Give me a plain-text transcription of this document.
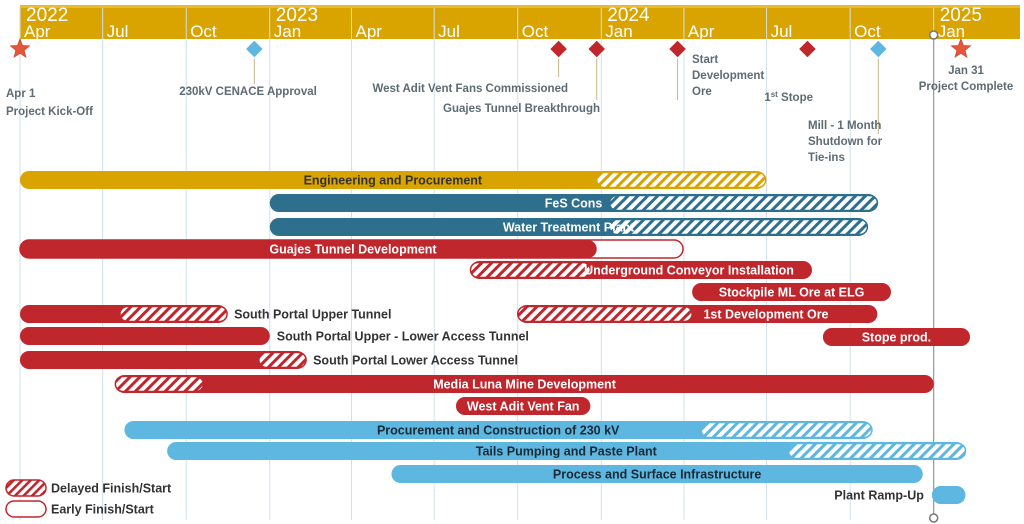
Apr	Jul	Oct	Jan	Apr	Jul	Oct	Jan	Apr	Jul	Oct	Jan
2022	2023	2024	2025
Apr 1
Project Kick-Off
230kV CENACE Approval	West Adit Vent Fans Commissioned
Guajes Tunnel Breakthrough
Start
Development
Ore	1st Stope
Mill - 1 Month
Shutdown for
Tie-ins
Jan 31
Project Complete
Engineering and Procurement
FeS Cons
Water Treatment Plant
Guajes Tunnel Development
Underground Conveyor Installation
Stockpile ML Ore at ELG
South Portal Upper Tunnel	1st Development Ore
Stope prod.
South Portal Upper - Lower Access Tunnel
South Portal Lower Access Tunnel
Media Luna Mine Development
West Adit Vent Fan
Procurement and Construction of 230 kV
Tails Pumping and Paste Plant
Process and Surface Infrastructure
Plant Ramp-Up
Delayed Finish/Start
Early Finish/Start
